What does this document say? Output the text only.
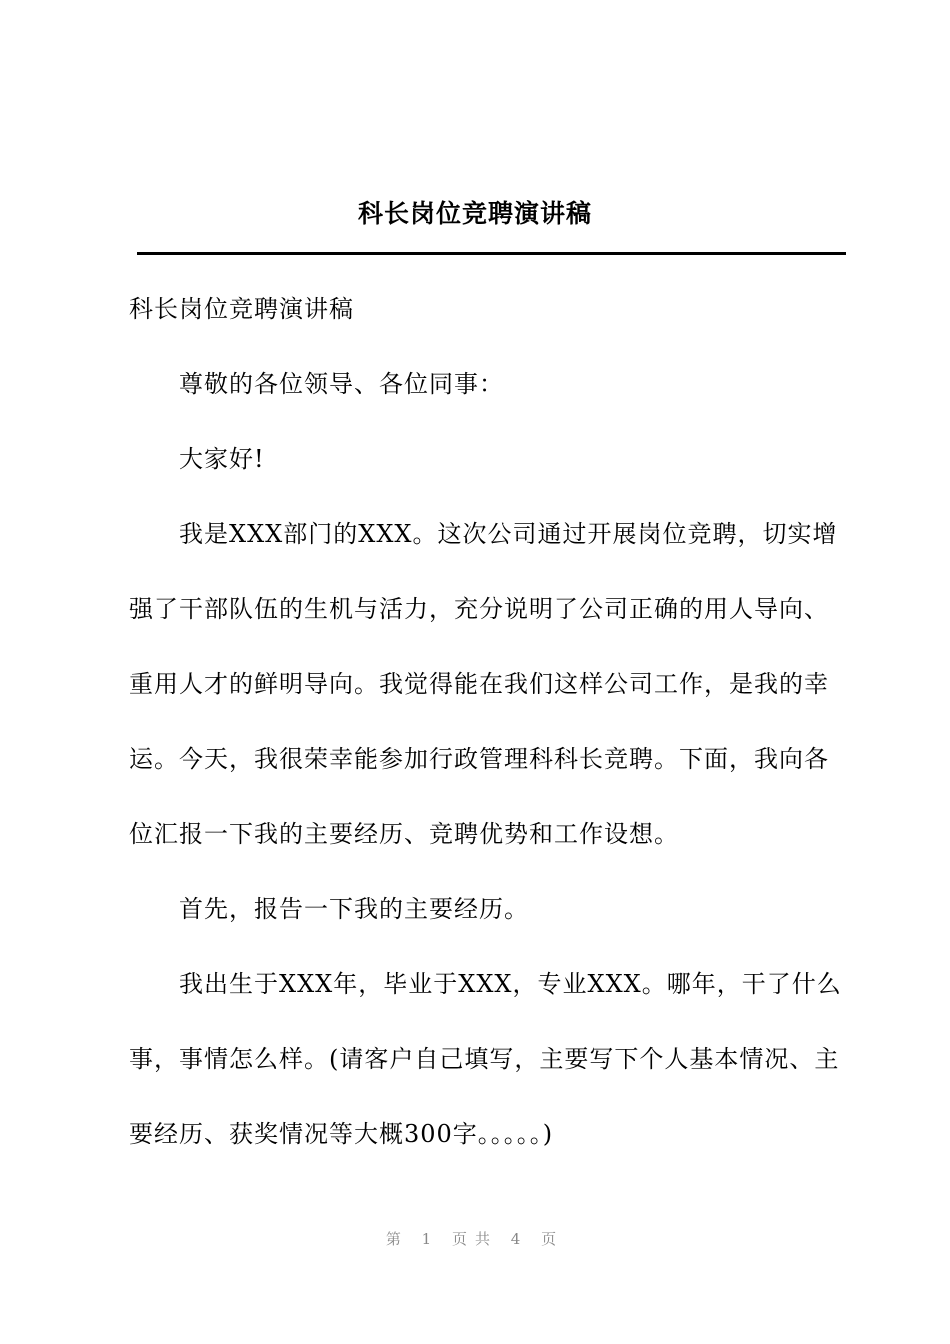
科长岗位竞聘演讲稿

科长岗位竞聘演讲稿

尊敬的各位领导、各位同事：

大家好!

我是XXX部门的XXX。这次公司通过开展岗位竞聘，切实增强了干部队伍的生机与活力，充分说明了公司正确的用人导向、重用人才的鲜明导向。我觉得能在我们这样公司工作，是我的幸运。今天，我很荣幸能参加行政管理科科长竞聘。下面，我向各位汇报一下我的主要经历、竞聘优势和工作设想。

首先，报告一下我的主要经历。

我出生于XXX年，毕业于XXX，专业XXX。哪年，干了什么事，事情怎么样。(请客户自己填写，主要写下个人基本情况、主要经历、获奖情况等大概300字。。。。。)

第 1 页共 4 页
